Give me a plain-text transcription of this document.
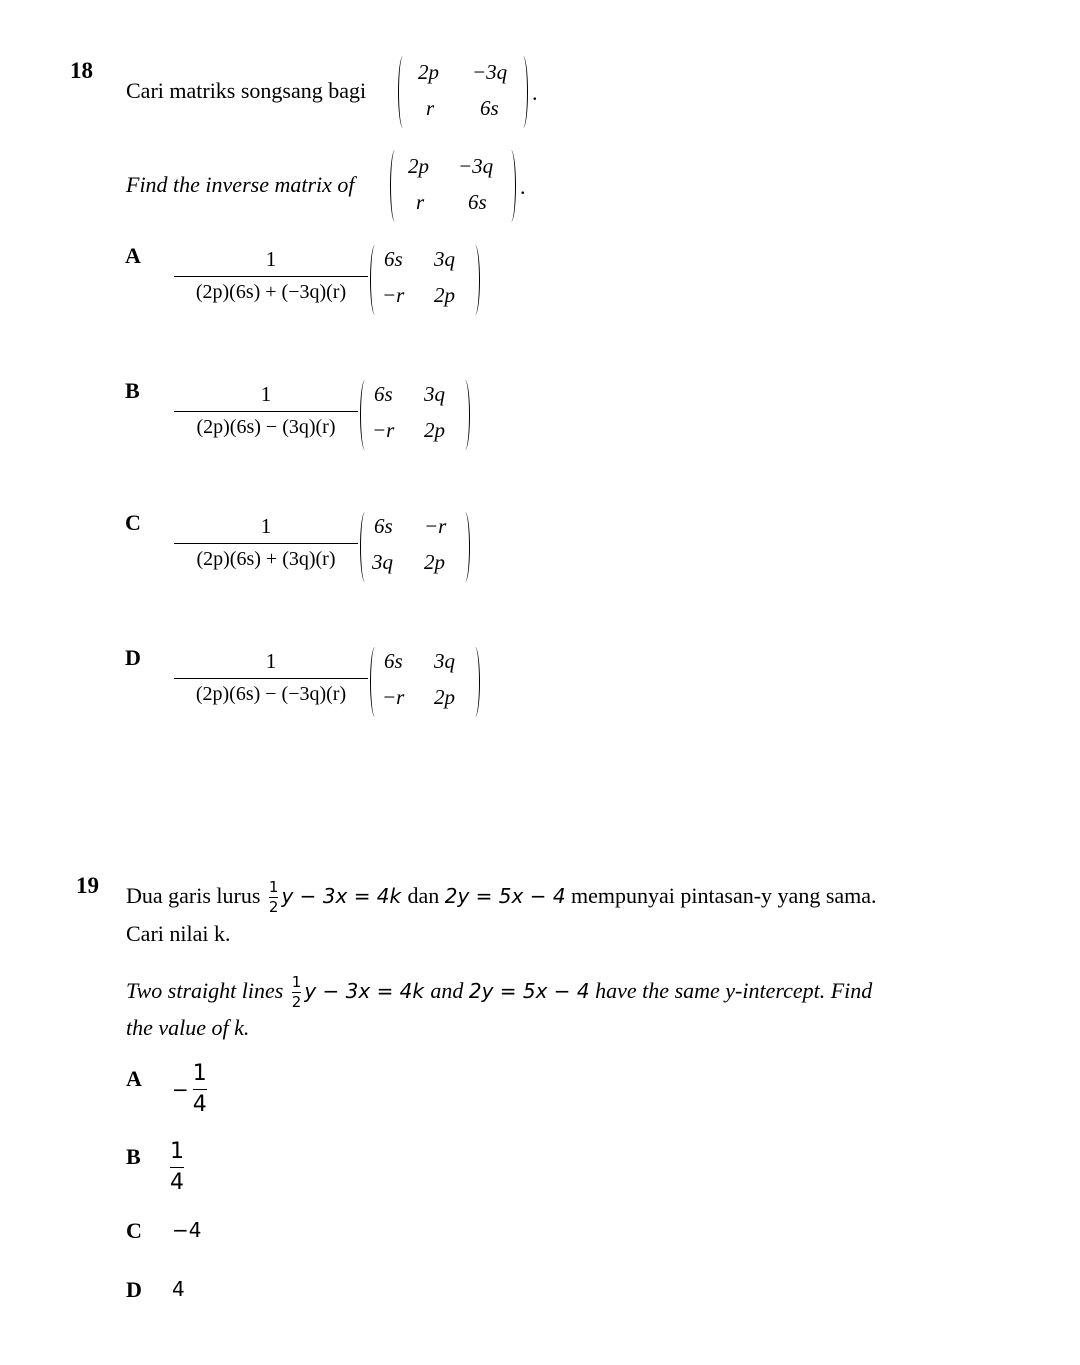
18
Cari matriks songsang bagi
2p −3q
r 6s
.
Find the inverse matrix of
2p −3q
r 6s
.
A	1
(2p)(6s) + (−3q)(r)
6s 3q
−r 2p
B	1
(2p)(6s) − (3q)(r)
6s 3q
−r 2p
C	1
(2p)(6s) + (3q)(r)
6s −r
3q 2p
D	1
(2p)(6s) − (−3q)(r)
6s 3q
−r 2p
19 Dua garis lurus $\frac{1}{2}$ y − 3x = 4k dan 2y = 5x − 4 mempunyai pintasan-y yang sama.
Cari nilai k.
Two straight lines $\frac{1}{2}$ y − 3x = 4k and 2y = 5x − 4 have the same y-intercept. Find
the value of k.
$A - \frac{1}{4}$
B $\frac{1}{4}$
C −4
D 4
